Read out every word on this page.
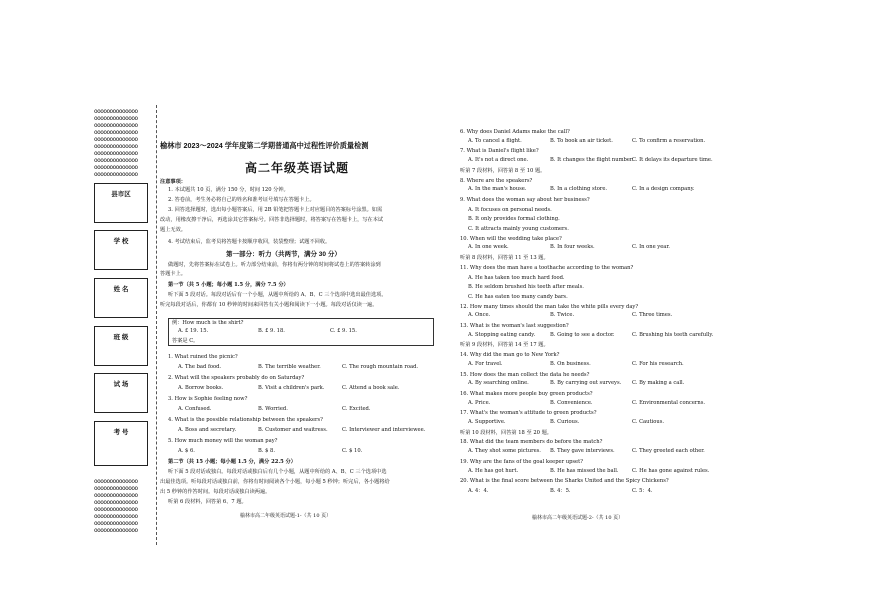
oooooooooooooo
oooooooooooooo
oooooooooooooo
oooooooooooooo
oooooooooooooo
oooooooooooooo
oooooooooooooo
oooooooooooooo
oooooooooooooo
oooooooooooooo
县市区
学 校
姓 名
班 级
试 场
考 号
oooooooooooooo
oooooooooooooo
oooooooooooooo
oooooooooooooo
oooooooooooooo
oooooooooooooo
oooooooooooooo
oooooooooooooo
榆林市 2023～2024 学年度第二学期普通高中过程性评价质量检测
高二年级英语试题
注意事项：
1. 本试题共 10 页，满分 150 分，时间 120 分钟。
2. 答卷前，考生务必将自己的姓名和准考证号填写在答题卡上。
3. 回答选择题时，选出每小题答案后，用 2B 铅笔把答题卡上对应题目的答案标号涂黑。如需
改动，用橡皮擦干净后，再选涂其它答案标号。回答非选择题时，将答案写在答题卡上，写在本试
题上无效。
4. 考试结束后，监考员将答题卡按顺序收回，装袋整理；试题不回收。
第一部分：听力（共两节，满分 30 分）
做题时，先将答案标在试卷上。听力部分结束前，你将有两分钟的时间将试卷上的答案转涂到
答题卡上。
第一节（共 5 小题；每小题 1.5 分，满分 7.5 分）
听下面 5 段对话。每段对话后有一个小题，从题中所给的 A、B、C 三个选项中选出最佳选项。
听完每段对话后，你都有 10 秒钟的时间来回答有关小题和阅读下一小题。每段对话仅读一遍。
例：How much is the shirt?
A. £ 19. 15.	B. £ 9. 18.	C. £ 9. 15.
答案是 C。
1. What ruined the picnic?
A. The bad food.	B. The terrible weather.	C. The rough mountain road.
2. What will the speakers probably do on Saturday?
A. Borrow books.	B. Visit a children's park.	C. Attend a book sale.
3. How is Sophie feeling now?
A. Confused.	B. Worried.	C. Excited.
4. What is the possible relationship between the speakers?
A. Boss and secretary.	B. Customer and waitress.	C. Interviewer and interviewee.
5. How much money will the woman pay?
A. $ 6.	B. $ 8.	C. $ 10.
第二节（共 15 小题；每小题 1.5 分，满分 22.5 分）
听下面 5 段对话或独白。每段对话或独白后有几个小题，从题中所给的 A、B、C 三个选项中选
出最佳选项。听每段对话或独白前，你将有时间阅读各个小题，每小题 5 秒钟；听完后，各小题将给
出 5 秒钟的作答时间。每段对话或独白读两遍。
听第 6 段材料，回答第 6、7 题。
榆林市高二年级英语试题-1-（共 10 页）
6. Why does Daniel Adams make the call?
A. To cancel a flight.	B. To book an air ticket.	C. To confirm a reservation.
7. What is Daniel's flight like?
A. It's not a direct one.	B. It changes the flight number.
C. It delays its departure time.
听第 7 段材料，回答第 8 至 10 题。
8. Where are the speakers?
A. In the man's house.	B. In a clothing store.	C. In a design company.
9. What does the woman say about her business?
A. It focuses on personal needs.
B. It only provides formal clothing.
C. It attracts mainly young customers.
10. When will the wedding take place?
A. In one week.	B. In four weeks.	C. In one year.
听第 8 段材料，回答第 11 至 13 题。
11. Why does the man have a toothache according to the woman?
A. He has taken too much hard food.
B. He seldom brushed his teeth after meals.
C. He has eaten too many candy bars.
12. How many times should the man take the white pills every day?
A. Once.	B. Twice.	C. Three times.
13. What is the woman's last suggestion?
A. Stopping eating candy.	B. Going to see a doctor.	C. Brushing his teeth carefully.
听第 9 段材料，回答第 14 至 17 题。
14. Why did the man go to New York?
A. For travel.	B. On business.	C. For his research.
15. How does the man collect the data he needs?
A. By searching online.	B. By carrying out surveys. C. By making a call.
16. What makes more people buy green products?
A. Price.	B. Convenience.	C. Environmental concerns.
17. What's the woman's attitude to green products?
A. Supportive.	B. Curious.	C. Cautious.
听第 10 段材料，回答第 18 至 20 题。
18. What did the team members do before the match?
A. They shot some pictures. B. They gave interviews.	C. They greeted each other.
19. Why are the fans of the goal keeper upset?
A. He has got hurt.	B. He has missed the ball.	C. He has gone against rules.
20. What is the final score between the Sharks United and the Spicy Chickens?
A. 4：4.	B. 4：5.	C. 5：4.
榆林市高二年级英语试题-2-（共 10 页）
